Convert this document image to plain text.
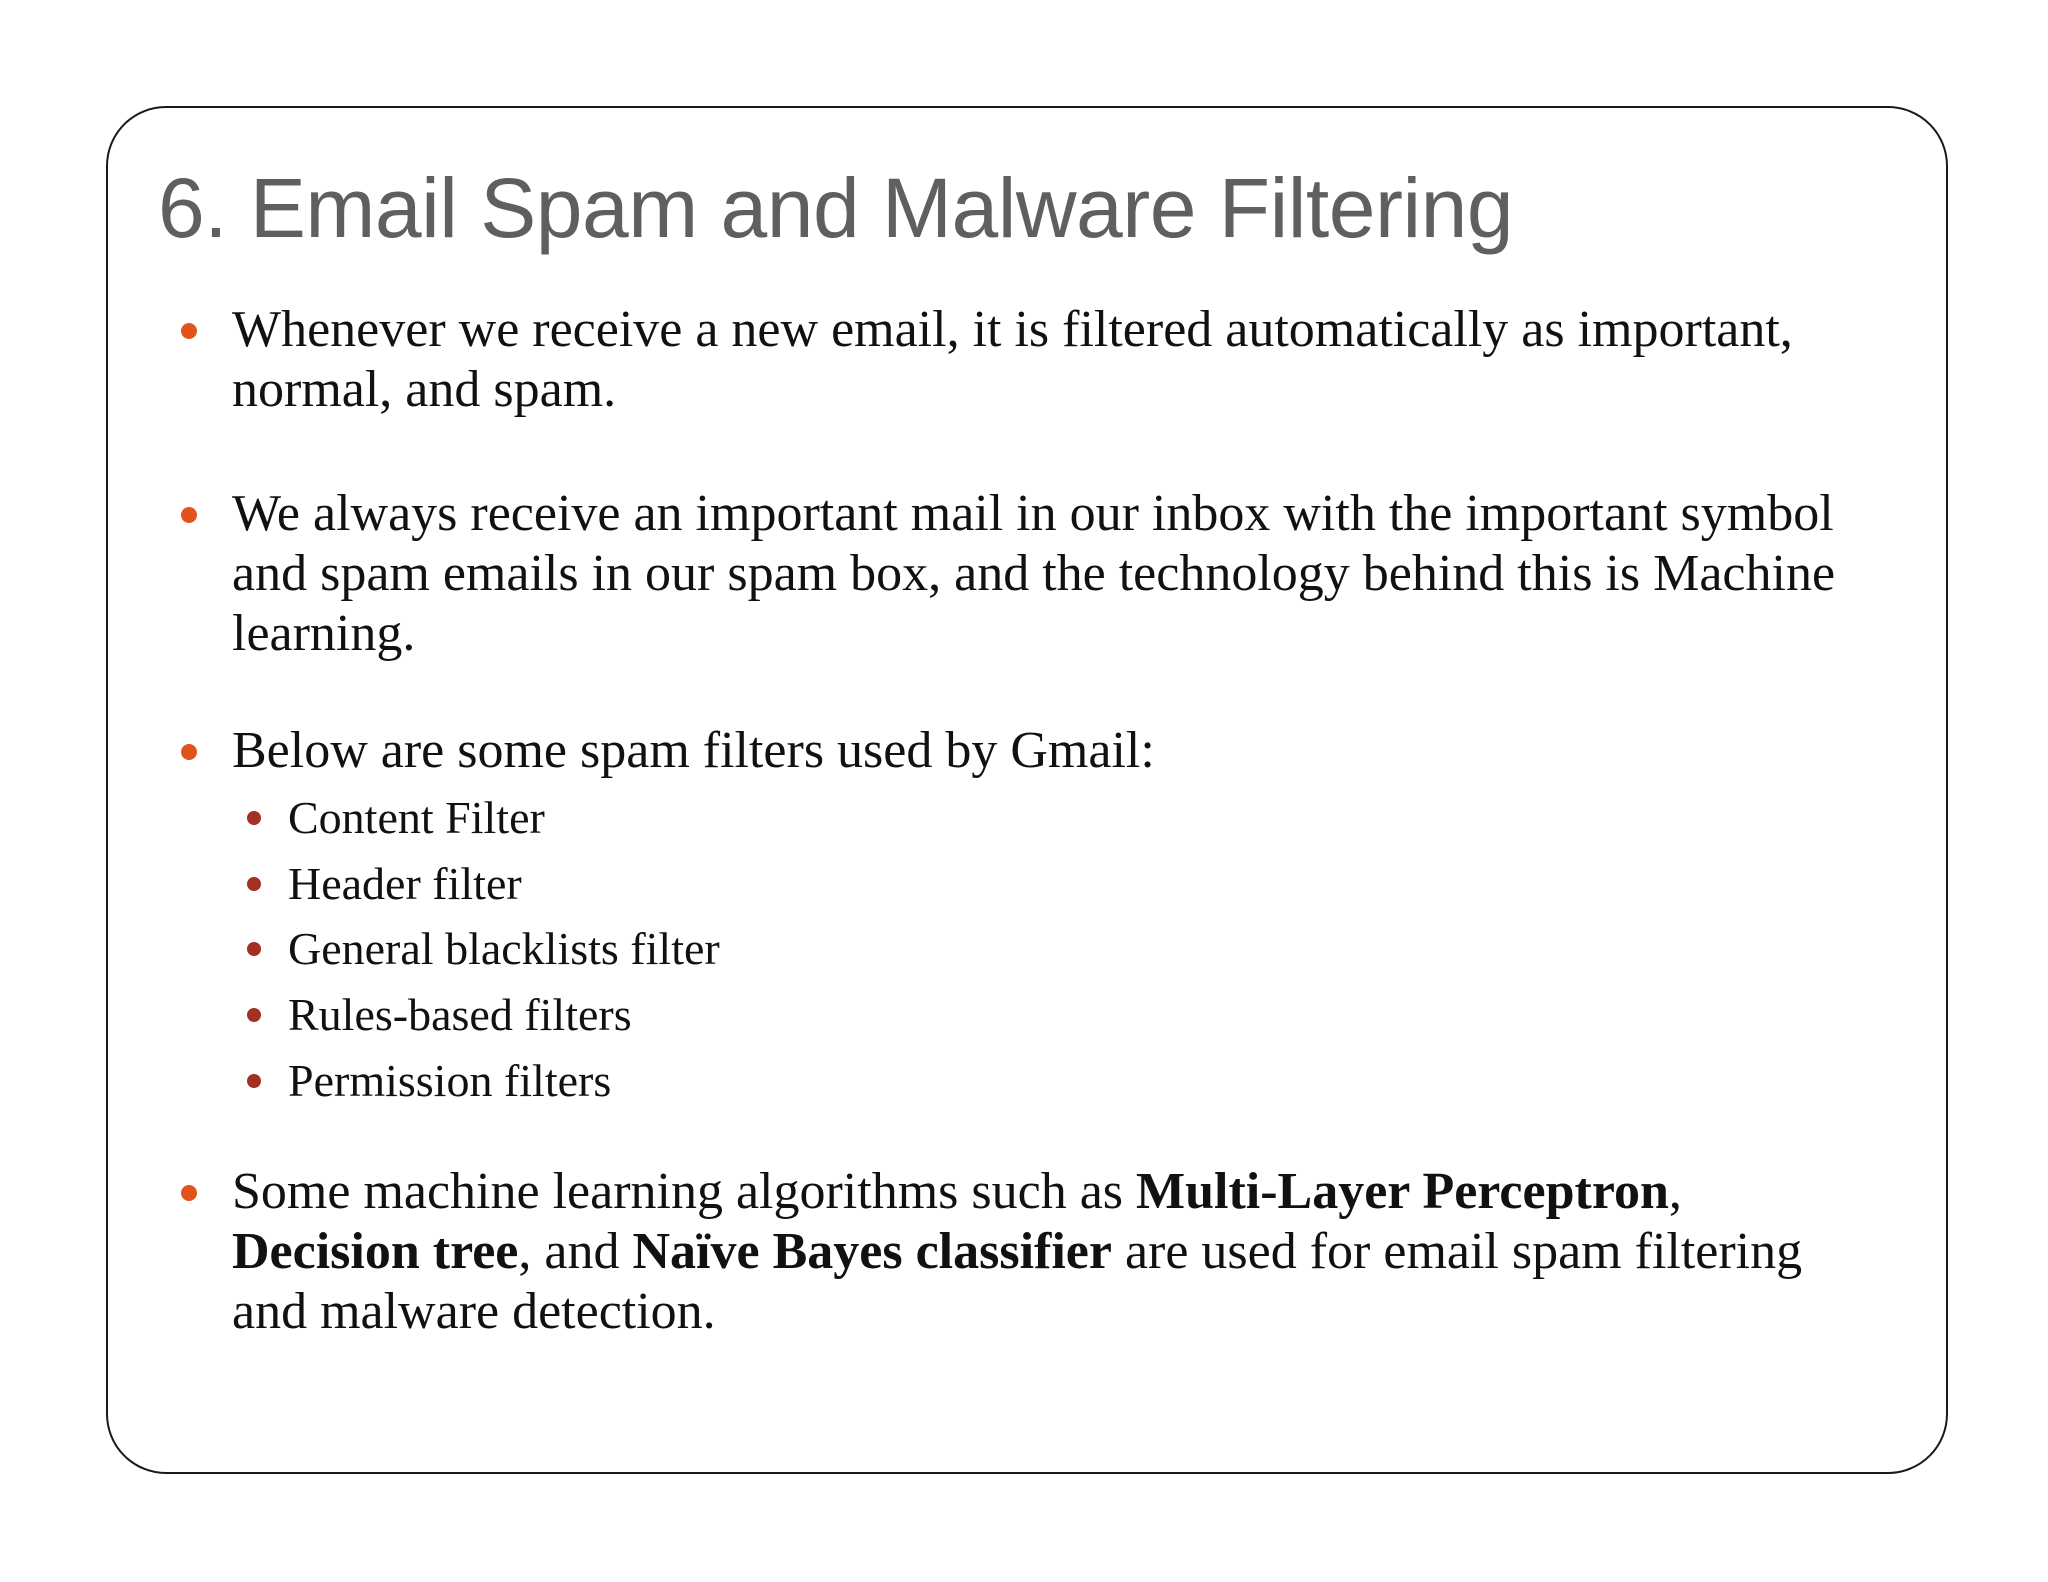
6. Email Spam and Malware Filtering
Whenever we receive a new email, it is filtered automatically as important, normal, and spam.
We always receive an important mail in our inbox with the important symbol and spam emails in our spam box, and the technology behind this is Machine learning.
Below are some spam filters used by Gmail:
Some machine learning algorithms such as Multi-Layer Perceptron, Decision tree, and Naïve Bayes classifier are used for email spam filtering and malware detection.
Content Filter
Header filter
General blacklists filter
Rules-based filters
Permission filters
